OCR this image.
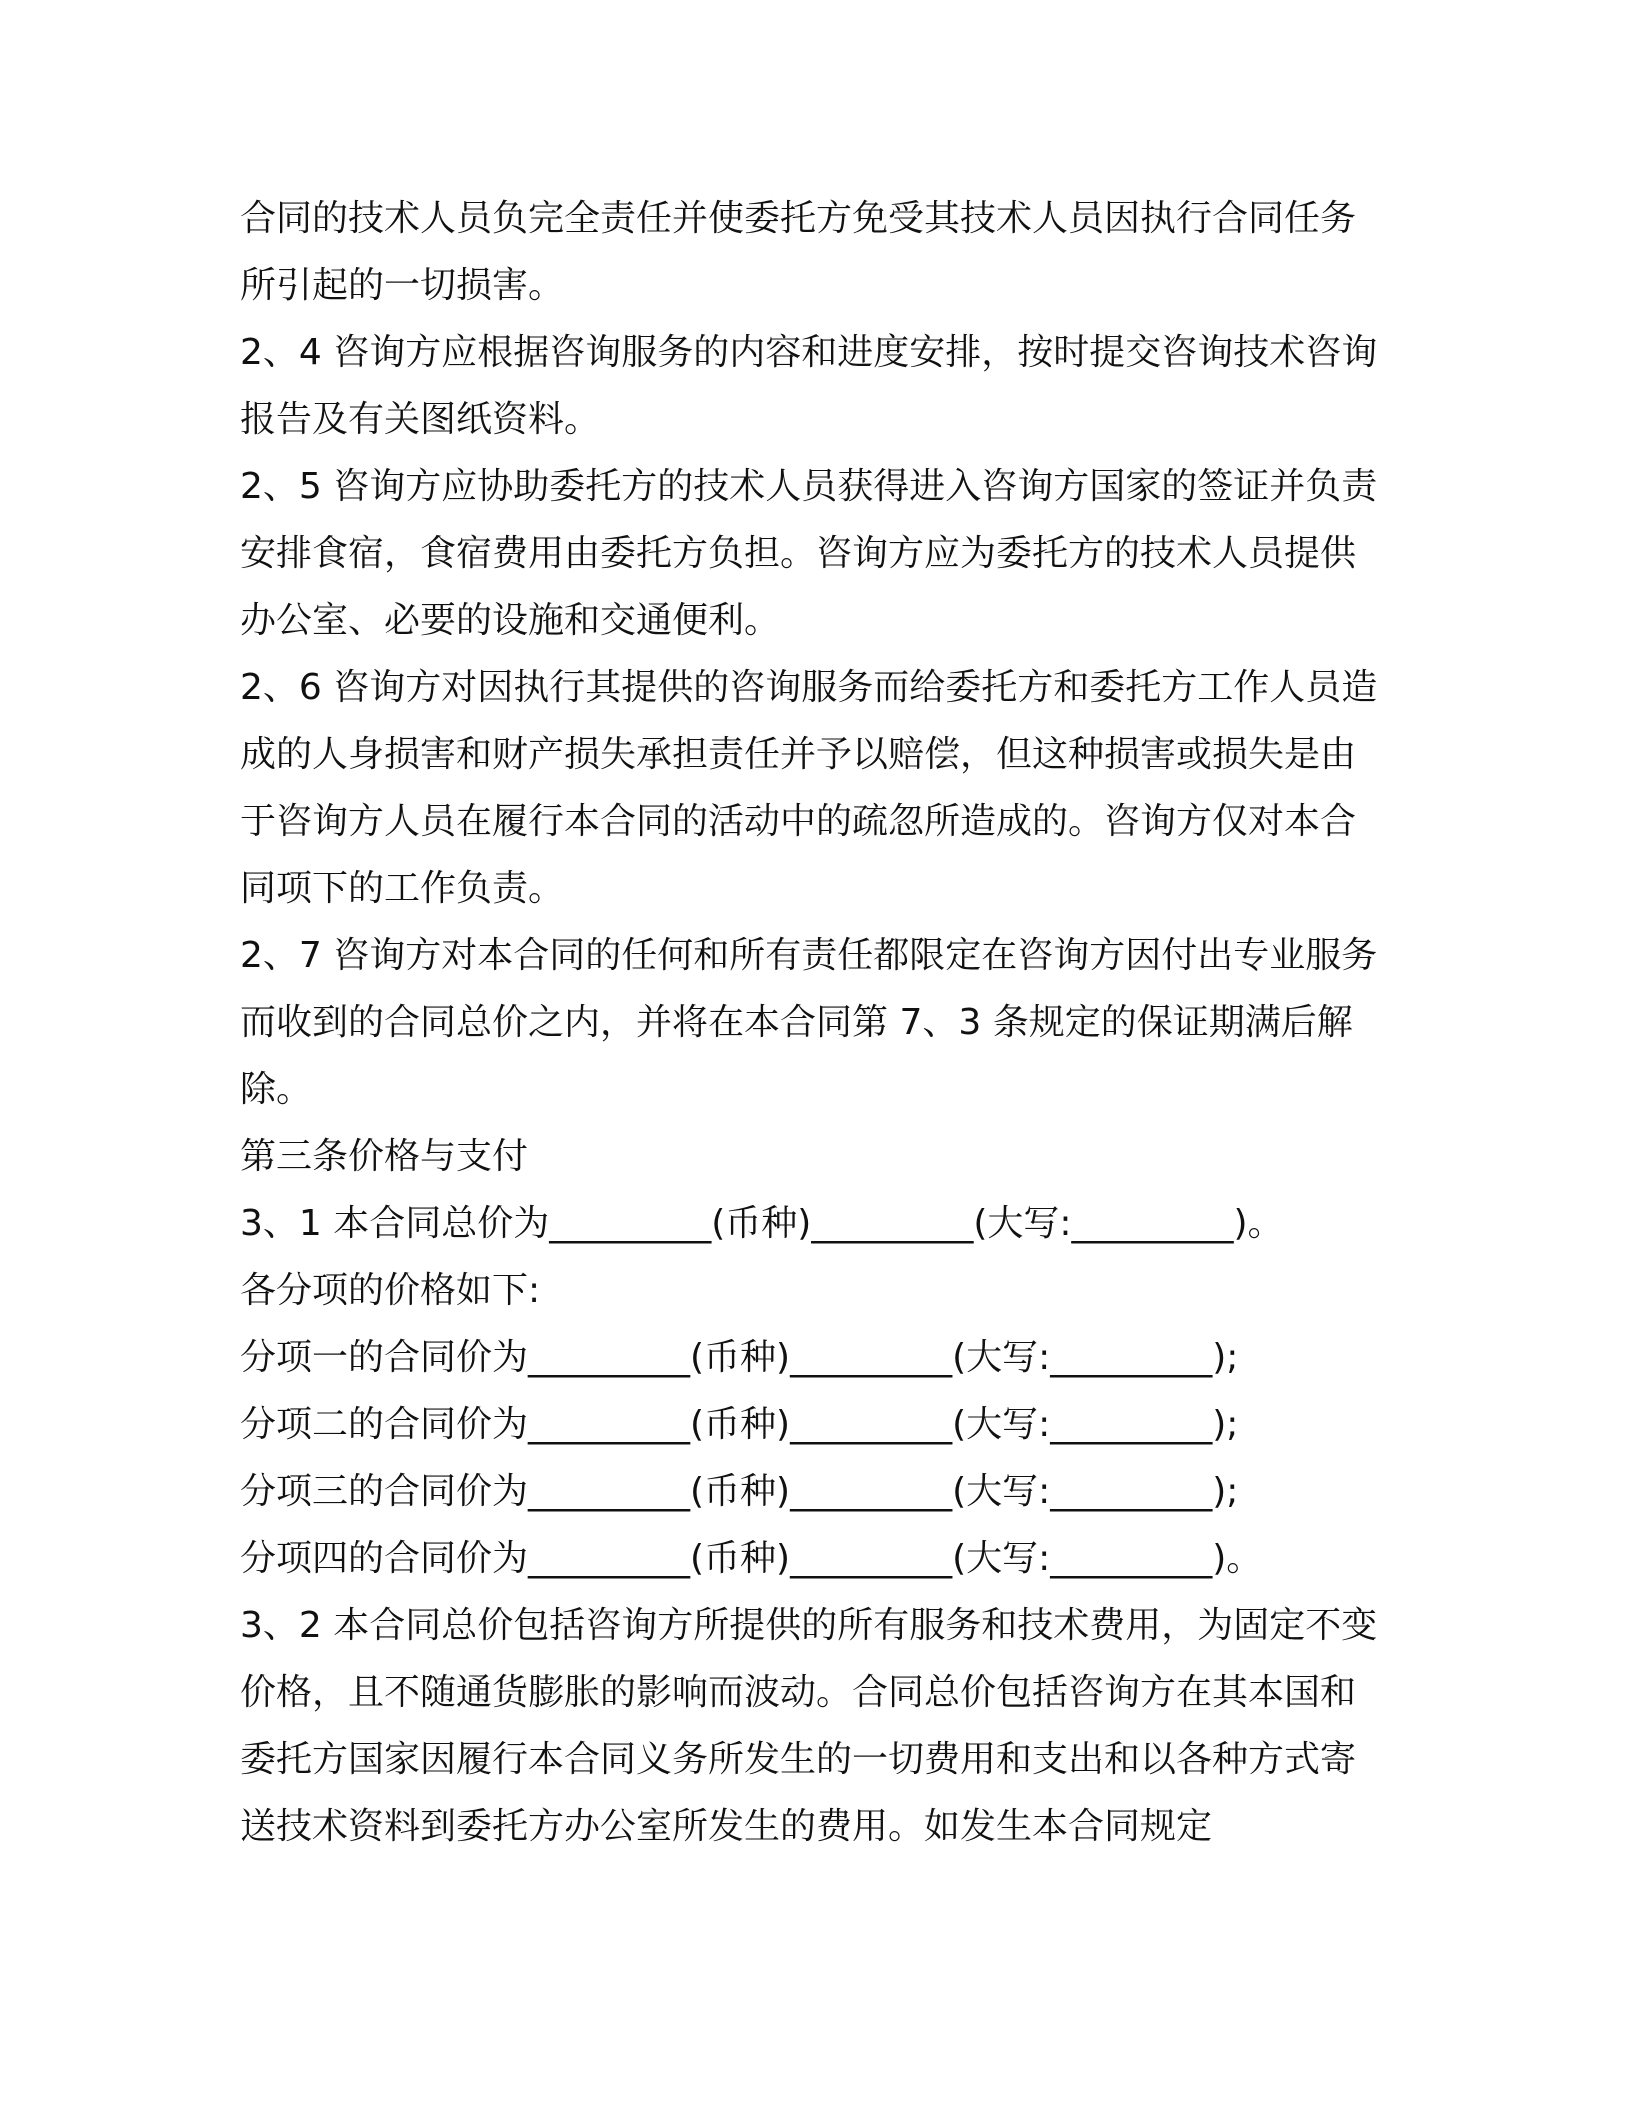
合同的技术人员负完全责任并使委托方免受其技术人员因执行合同任务所引起的一切损害。

2、4 咨询方应根据咨询服务的内容和进度安排，按时提交咨询技术咨询报告及有关图纸资料。

2、5 咨询方应协助委托方的技术人员获得进入咨询方国家的签证并负责安排食宿，食宿费用由委托方负担。咨询方应为委托方的技术人员提供办公室、必要的设施和交通便利。

2、6 咨询方对因执行其提供的咨询服务而给委托方和委托方工作人员造成的人身损害和财产损失承担责任并予以赔偿，但这种损害或损失是由于咨询方人员在履行本合同的活动中的疏忽所造成的。咨询方仅对本合同项下的工作负责。

2、7 咨询方对本合同的任何和所有责任都限定在咨询方因付出专业服务而收到的合同总价之内，并将在本合同第 7、3 条规定的保证期满后解除。

第三条价格与支付

3、1 本合同总价为_________(币种)_________(大写:_________)。

各分项的价格如下:

分项一的合同价为_________(币种)_________(大写:_________);

分项二的合同价为_________(币种)_________(大写:_________);

分项三的合同价为_________(币种)_________(大写:_________);

分项四的合同价为_________(币种)_________(大写:_________)。

3、2 本合同总价包括咨询方所提供的所有服务和技术费用，为固定不变价格，且不随通货膨胀的影响而波动。合同总价包括咨询方在其本国和委托方国家因履行本合同义务所发生的一切费用和支出和以各种方式寄送技术资料到委托方办公室所发生的费用。如发生本合同规定
